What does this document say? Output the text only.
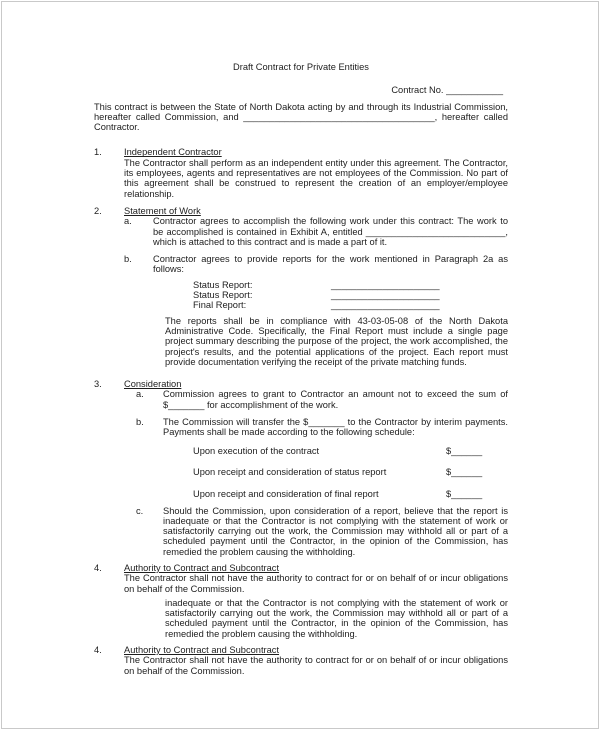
Draft Contract for Private Entities
Contract No. ___________

This contract is between the State of North Dakota acting by and through its Industrial Commission, hereafter called Commission, and _____________________________________, hereafter called Contractor.

1. Independent Contractor

The Contractor shall perform as an independent entity under this agreement. The Contractor, its employees, agents and representatives are not employees of the Commission. No part of this agreement shall be construed to represent the creation of an employer/employee relationship.

2. Statement of Work
a. Contractor agrees to accomplish the following work under this contract: The work to be accomplished is contained in Exhibit A, entitled ___________________________, which is attached to this contract and is made a part of it.

b. Contractor agrees to provide reports for the work mentioned in Paragraph 2a as follows:

Status Report:	_____________________
Status Report:	_____________________
Final Report:	_____________________

The reports shall be in compliance with 43-03-05-08 of the North Dakota Administrative Code. Specifically, the Final Report must include a single page project summary describing the purpose of the project, the work accomplished, the project's results, and the potential applications of the project. Each report must provide documentation verifying the receipt of the private matching funds.

3. Consideration
a. Commission agrees to grant to Contractor an amount not to exceed the sum of $_______ for accomplishment of the work.

b. The Commission will transfer the $_______ to the Contractor by interim payments. Payments shall be made according to the following schedule:

Upon execution of the contract	$______
Upon receipt and consideration of status report	$______
Upon receipt and consideration of final report	$______
c. Should the Commission, upon consideration of a report, believe that the report is inadequate or that the Contractor is not complying with the statement of work or satisfactorily carrying out the work, the Commission may withhold all or part of a scheduled payment until the Contractor, in the opinion of the Commission, has remedied the problem causing the withholding.

4. Authority to Contract and Subcontract

The Contractor shall not have the authority to contract for or on behalf of or incur obligations on behalf of the Commission.

inadequate or that the Contractor is not complying with the statement of work or satisfactorily carrying out the work, the Commission may withhold all or part of a scheduled payment until the Contractor, in the opinion of the Commission, has remedied the problem causing the withholding.

4. Authority to Contract and Subcontract

The Contractor shall not have the authority to contract for or on behalf of or incur obligations on behalf of the Commission.
